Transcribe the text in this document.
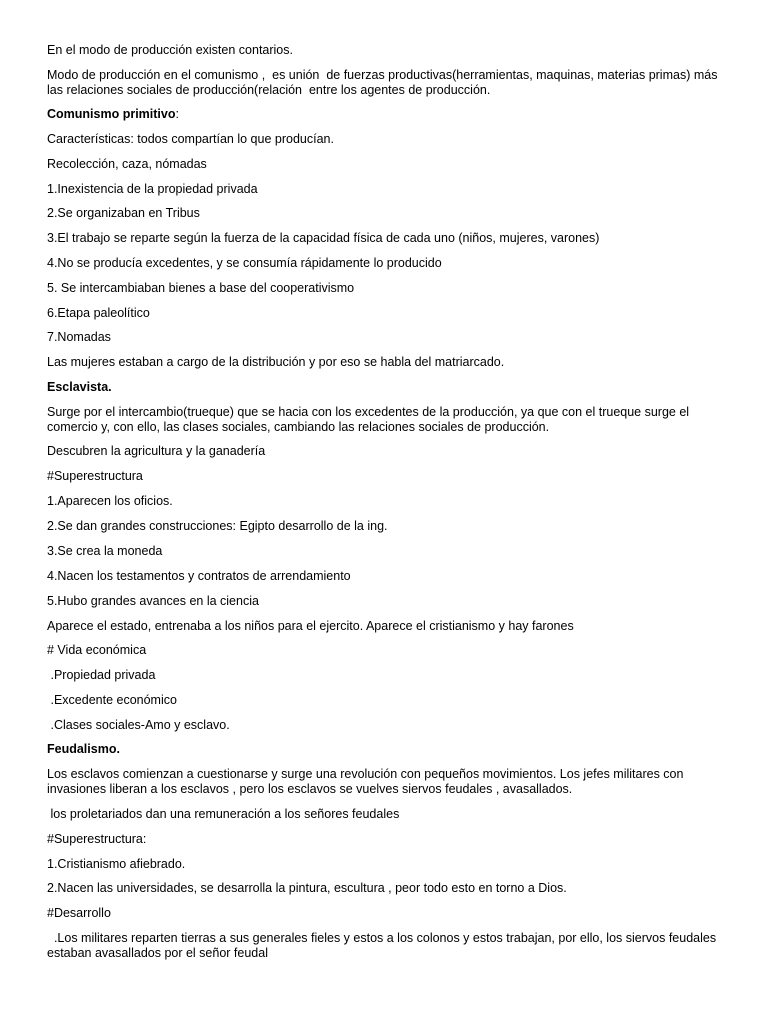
En el modo de producción existen contarios.

Modo de producción en el comunismo ,  es unión  de fuerzas productivas(herramientas, maquinas, materias primas) más las relaciones sociales de producción(relación  entre los agentes de producción.

Comunismo primitivo:

Características: todos compartían lo que producían.

Recolección, caza, nómadas

1.Inexistencia de la propiedad privada

2.Se organizaban en Tribus

3.El trabajo se reparte según la fuerza de la capacidad física de cada uno (niños, mujeres, varones)

4.No se producía excedentes, y se consumía rápidamente lo producido

5. Se intercambiaban bienes a base del cooperativismo

6.Etapa paleolítico

7.Nomadas

Las mujeres estaban a cargo de la distribución y por eso se habla del matriarcado.

Esclavista.

Surge por el intercambio(trueque) que se hacia con los excedentes de la producción, ya que con el trueque surge el comercio y, con ello, las clases sociales, cambiando las relaciones sociales de producción.

Descubren la agricultura y la ganadería

#Superestructura

1.Aparecen los oficios.

2.Se dan grandes construcciones: Egipto desarrollo de la ing.

3.Se crea la moneda

4.Nacen los testamentos y contratos de arrendamiento

5.Hubo grandes avances en la ciencia

Aparece el estado, entrenaba a los niños para el ejercito. Aparece el cristianismo y hay farones

# Vida económica

.Propiedad privada

.Excedente económico

.Clases sociales-Amo y esclavo.

Feudalismo.

Los esclavos comienzan a cuestionarse y surge una revolución con pequeños movimientos. Los jefes militares con invasiones liberan a los esclavos , pero los esclavos se vuelves siervos feudales , avasallados.

los proletariados dan una remuneración a los señores feudales

#Superestructura:

1.Cristianismo afiebrado.

2.Nacen las universidades, se desarrolla la pintura, escultura , peor todo esto en torno a Dios.

#Desarrollo

.Los militares reparten tierras a sus generales fieles y estos a los colonos y estos trabajan, por ello, los siervos feudales estaban avasallados por el señor feudal
